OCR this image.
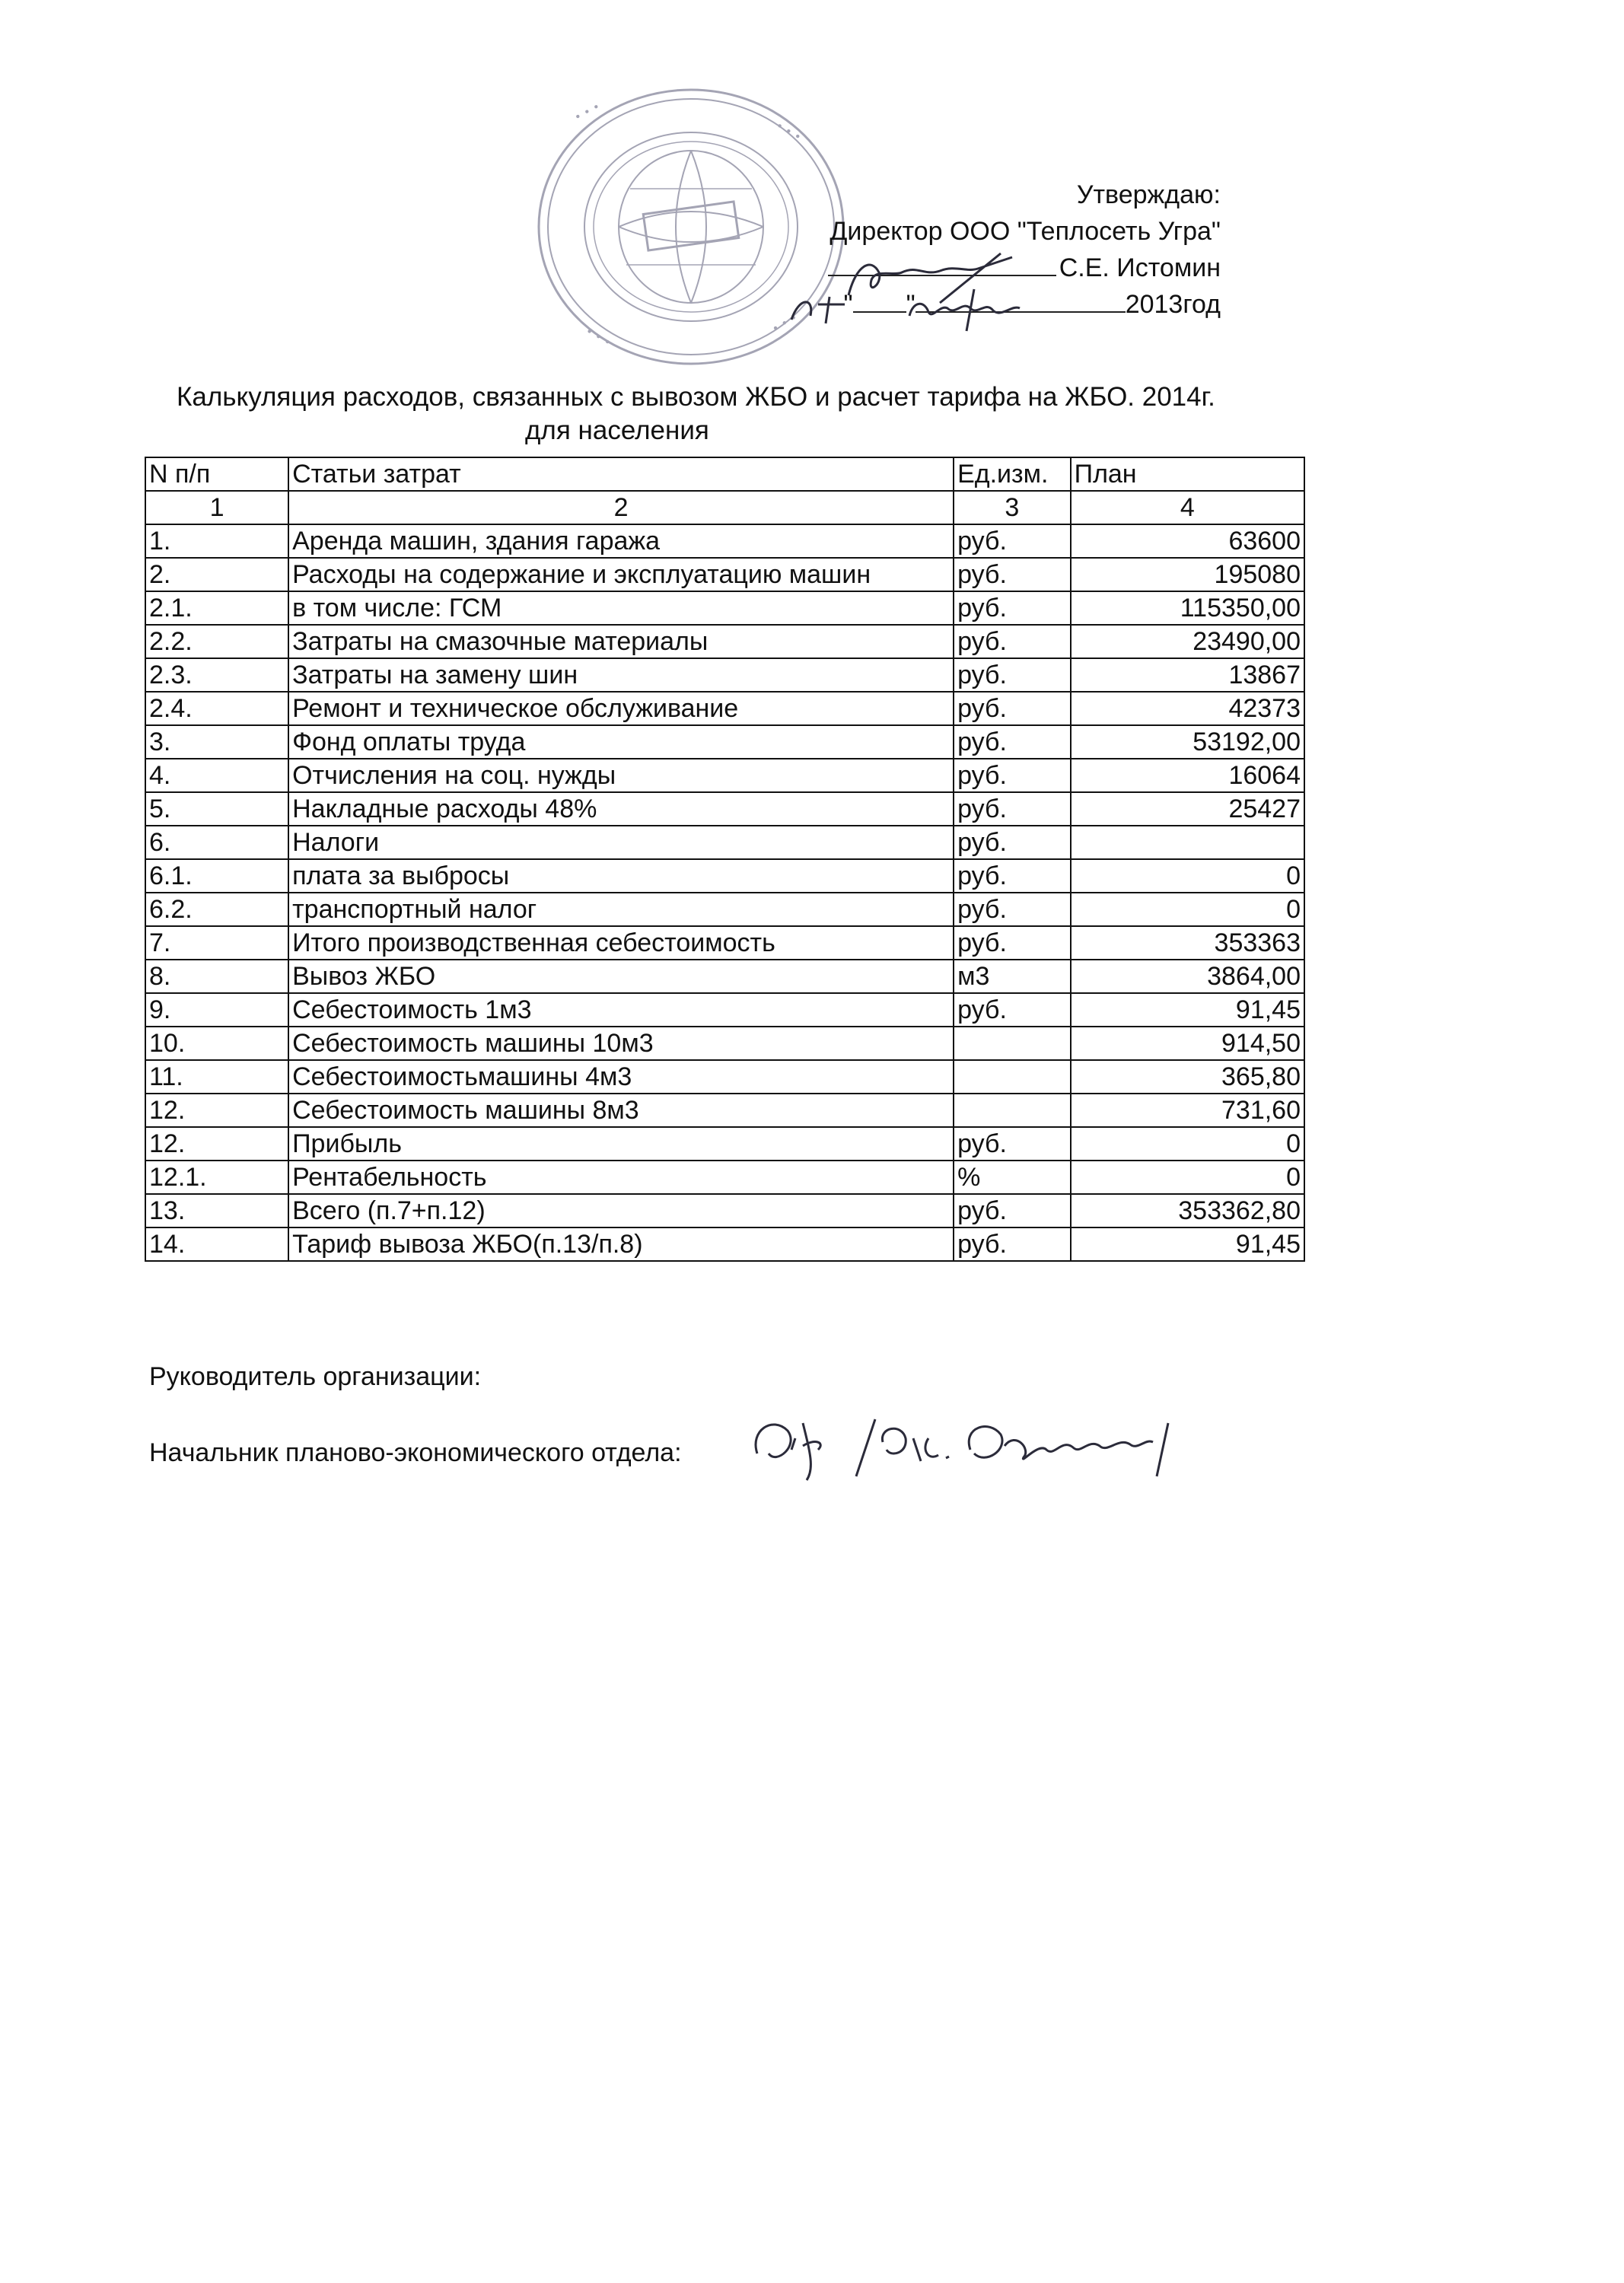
• • •
• • •
• • •
• • •
Утверждаю:
Директор ООО "Теплосеть Угра"
С.Е. Истомин
" "	2013год
Калькуляция расходов, связанных с вывозом ЖБО и расчет тарифа на ЖБО. 2014г.
для населения
N п/п	Статьи затрат	Ед.изм.	План
1	2	3	4
1.	Аренда машин, здания гаража	руб.	63600
2.	Расходы на содержание и эксплуатацию машин	руб.	195080
2.1.	в том числе: ГСМ	руб.	115350,00
2.2.	Затраты на смазочные материалы	руб.	23490,00
2.3.	Затраты на замену шин	руб.	13867
2.4.	Ремонт и техническое обслуживание	руб.	42373
3.	Фонд оплаты труда	руб.	53192,00
4.	Отчисления на соц. нужды	руб.	16064
5.	Накладные расходы 48%	руб.	25427
6.	Налоги	руб.	
6.1.	плата за выбросы	руб.	0
6.2.	транспортный налог	руб.	0
7.	Итого производственная себестоимость	руб.	353363
8.	Вывоз ЖБО	м3	3864,00
9.	Себестоимость 1м3	руб.	91,45
10.	Себестоимость машины 10м3		914,50
11.	Себестоимостьмашины 4м3		365,80
12.	Себестоимость машины 8м3		731,60
12.	Прибыль	руб.	0
12.1.	Рентабельность	%	0
13.	Всего (п.7+п.12)	руб.	353362,80
14.	Тариф вывоза ЖБО(п.13/п.8)	руб.	91,45
Руководитель организации:
Начальник планово-экономического отдела:
